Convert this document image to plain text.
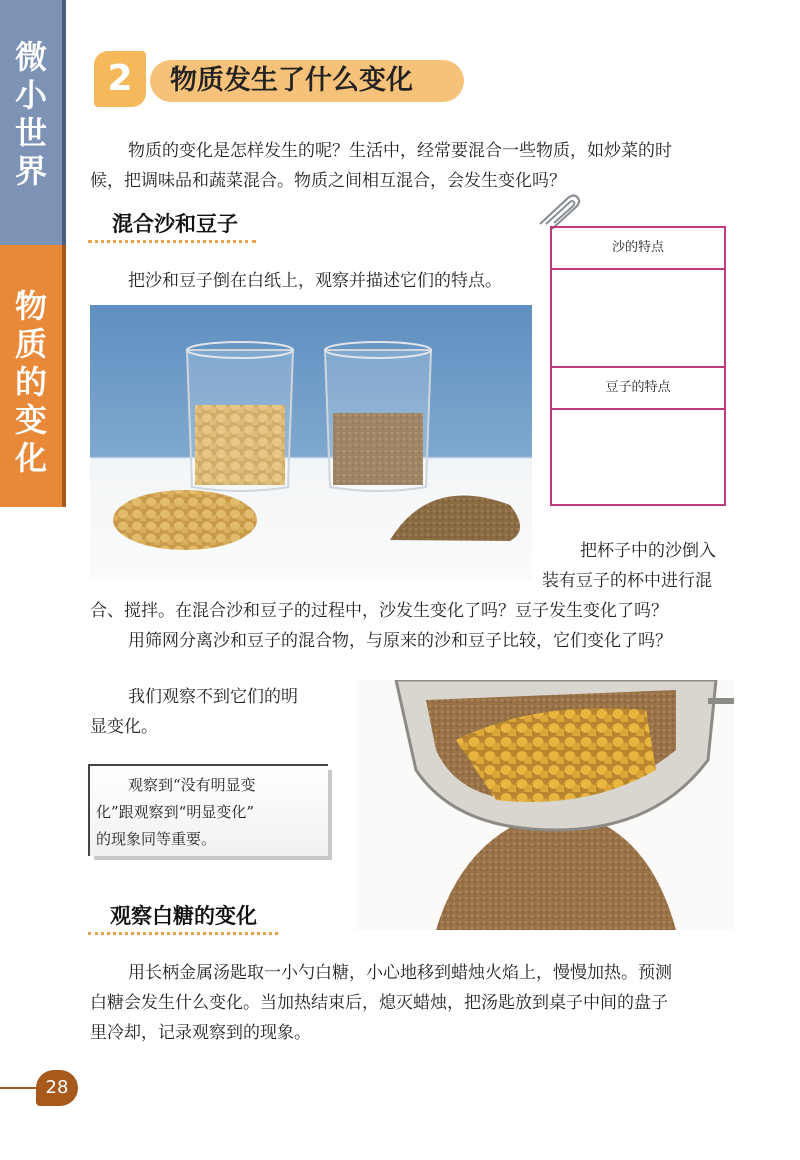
微
小
世
界
物
质
的
变
化
物质发生了什么变化
2
物质的变化是怎样发生的呢？生活中，经常要混合一些物质，如炒菜的时
候，把调味品和蔬菜混合。物质之间相互混合，会发生变化吗？
混合沙和豆子
把沙和豆子倒在白纸上，观察并描述它们的特点。
沙的特点
豆子的特点
把杯子中的沙倒入
装有豆子的杯中进行混
合、搅拌。在混合沙和豆子的过程中，沙发生变化了吗？豆子发生变化了吗？
用筛网分离沙和豆子的混合物，与原来的沙和豆子比较，它们变化了吗？
我们观察不到它们的明
显变化。
观察到“没有明显变
化”跟观察到“明显变化”
的现象同等重要。
观察白糖的变化
用长柄金属汤匙取一小勺白糖，小心地移到蜡烛火焰上，慢慢加热。预测
白糖会发生什么变化。当加热结束后，熄灭蜡烛，把汤匙放到桌子中间的盘子
里冷却，记录观察到的现象。
28
